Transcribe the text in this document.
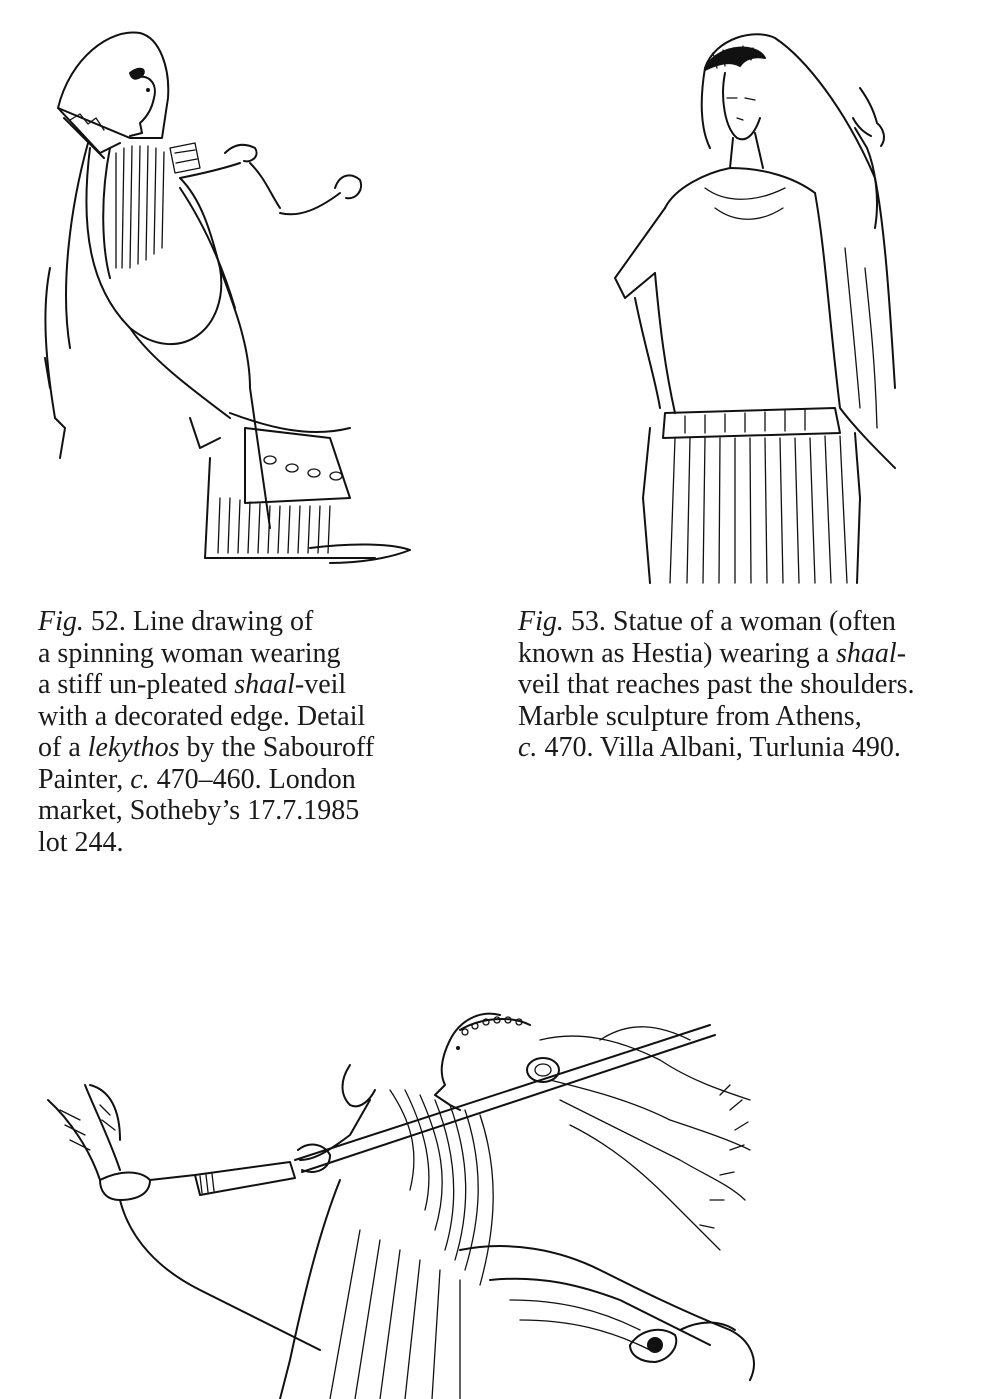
Fig. 52. Line drawing of
a spinning woman wearing
a stiff un-pleated shaal-veil
with a decorated edge. Detail
of a lekythos by the Sabouroff
Painter, c. 470–460. London
market, Sotheby’s 17.7.1985
lot 244.
Fig. 53. Statue of a woman (often
known as Hestia) wearing a shaal-
veil that reaches past the shoulders.
Marble sculpture from Athens,
c. 470. Villa Albani, Turlunia 490.
